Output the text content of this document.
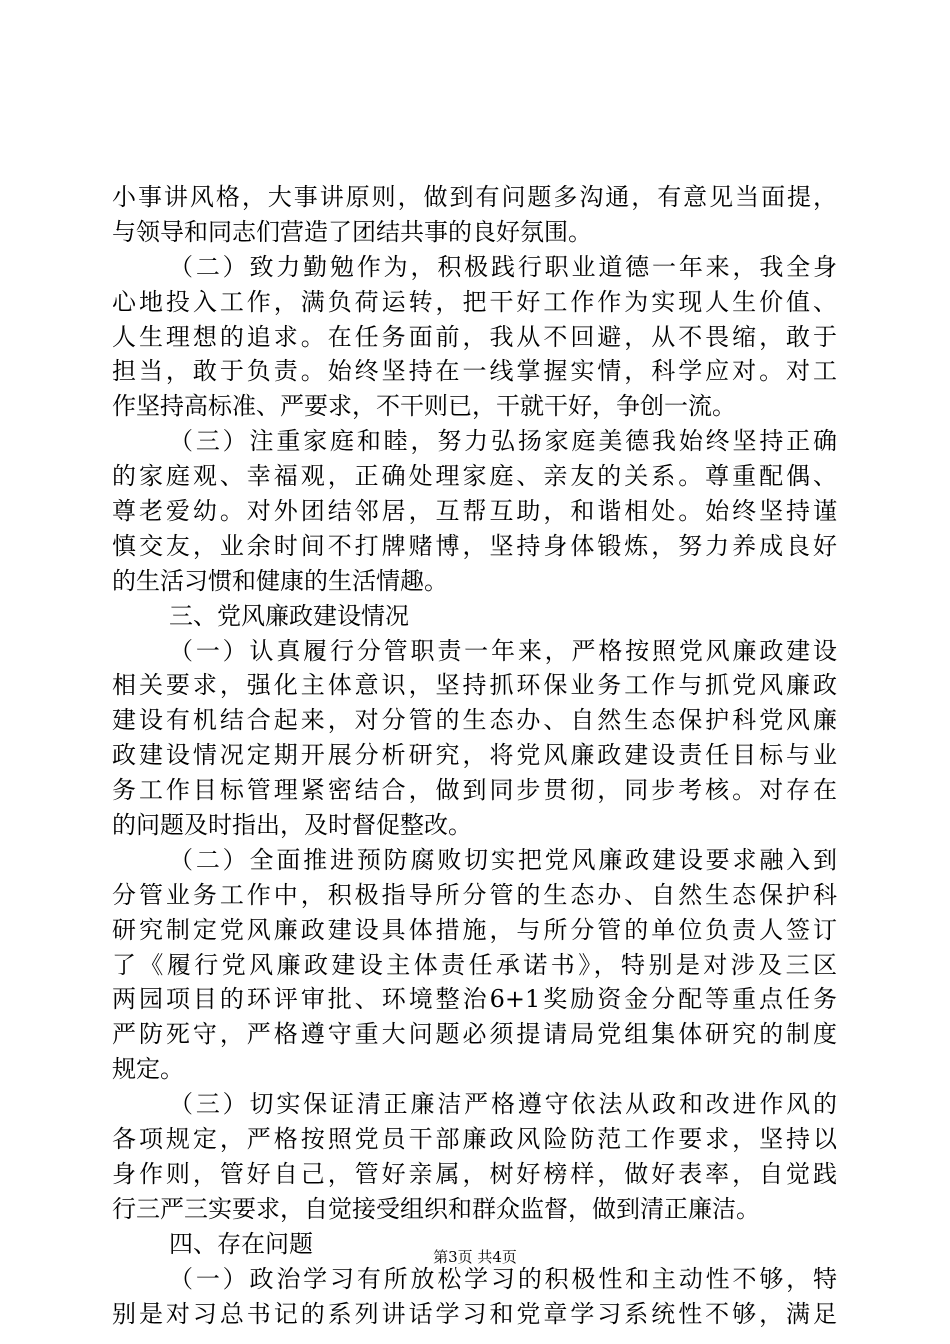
小事讲风格，大事讲原则，做到有问题多沟通，有意见当面提，
与领导和同志们营造了团结共事的良好氛围。
（二）致力勤勉作为，积极践行职业道德一年来，我全身
心地投入工作，满负荷运转，把干好工作作为实现人生价值、
人生理想的追求。在任务面前，我从不回避，从不畏缩，敢于
担当，敢于负责。始终坚持在一线掌握实情，科学应对。对工
作坚持高标准、严要求，不干则已，干就干好，争创一流。
（三）注重家庭和睦，努力弘扬家庭美德我始终坚持正确
的家庭观、幸福观，正确处理家庭、亲友的关系。尊重配偶、
尊老爱幼。对外团结邻居，互帮互助，和谐相处。始终坚持谨
慎交友，业余时间不打牌赌博，坚持身体锻炼，努力养成良好
的生活习惯和健康的生活情趣。
三、党风廉政建设情况
（一）认真履行分管职责一年来，严格按照党风廉政建设
相关要求，强化主体意识，坚持抓环保业务工作与抓党风廉政
建设有机结合起来，对分管的生态办、自然生态保护科党风廉
政建设情况定期开展分析研究，将党风廉政建设责任目标与业
务工作目标管理紧密结合，做到同步贯彻，同步考核。对存在
的问题及时指出，及时督促整改。
（二）全面推进预防腐败切实把党风廉政建设要求融入到
分管业务工作中，积极指导所分管的生态办、自然生态保护科
研究制定党风廉政建设具体措施，与所分管的单位负责人签订
了《履行党风廉政建设主体责任承诺书》，特别是对涉及三区
两园项目的环评审批、环境整治6+1奖励资金分配等重点任务
严防死守，严格遵守重大问题必须提请局党组集体研究的制度
规定。
（三）切实保证清正廉洁严格遵守依法从政和改进作风的
各项规定，严格按照党员干部廉政风险防范工作要求，坚持以
身作则，管好自己，管好亲属，树好榜样，做好表率，自觉践
行三严三实要求，自觉接受组织和群众监督，做到清正廉洁。
四、存在问题
（一）政治学习有所放松学习的积极性和主动性不够，特
别是对习总书记的系列讲话学习和党章学习系统性不够，满足
第3页 共4页
